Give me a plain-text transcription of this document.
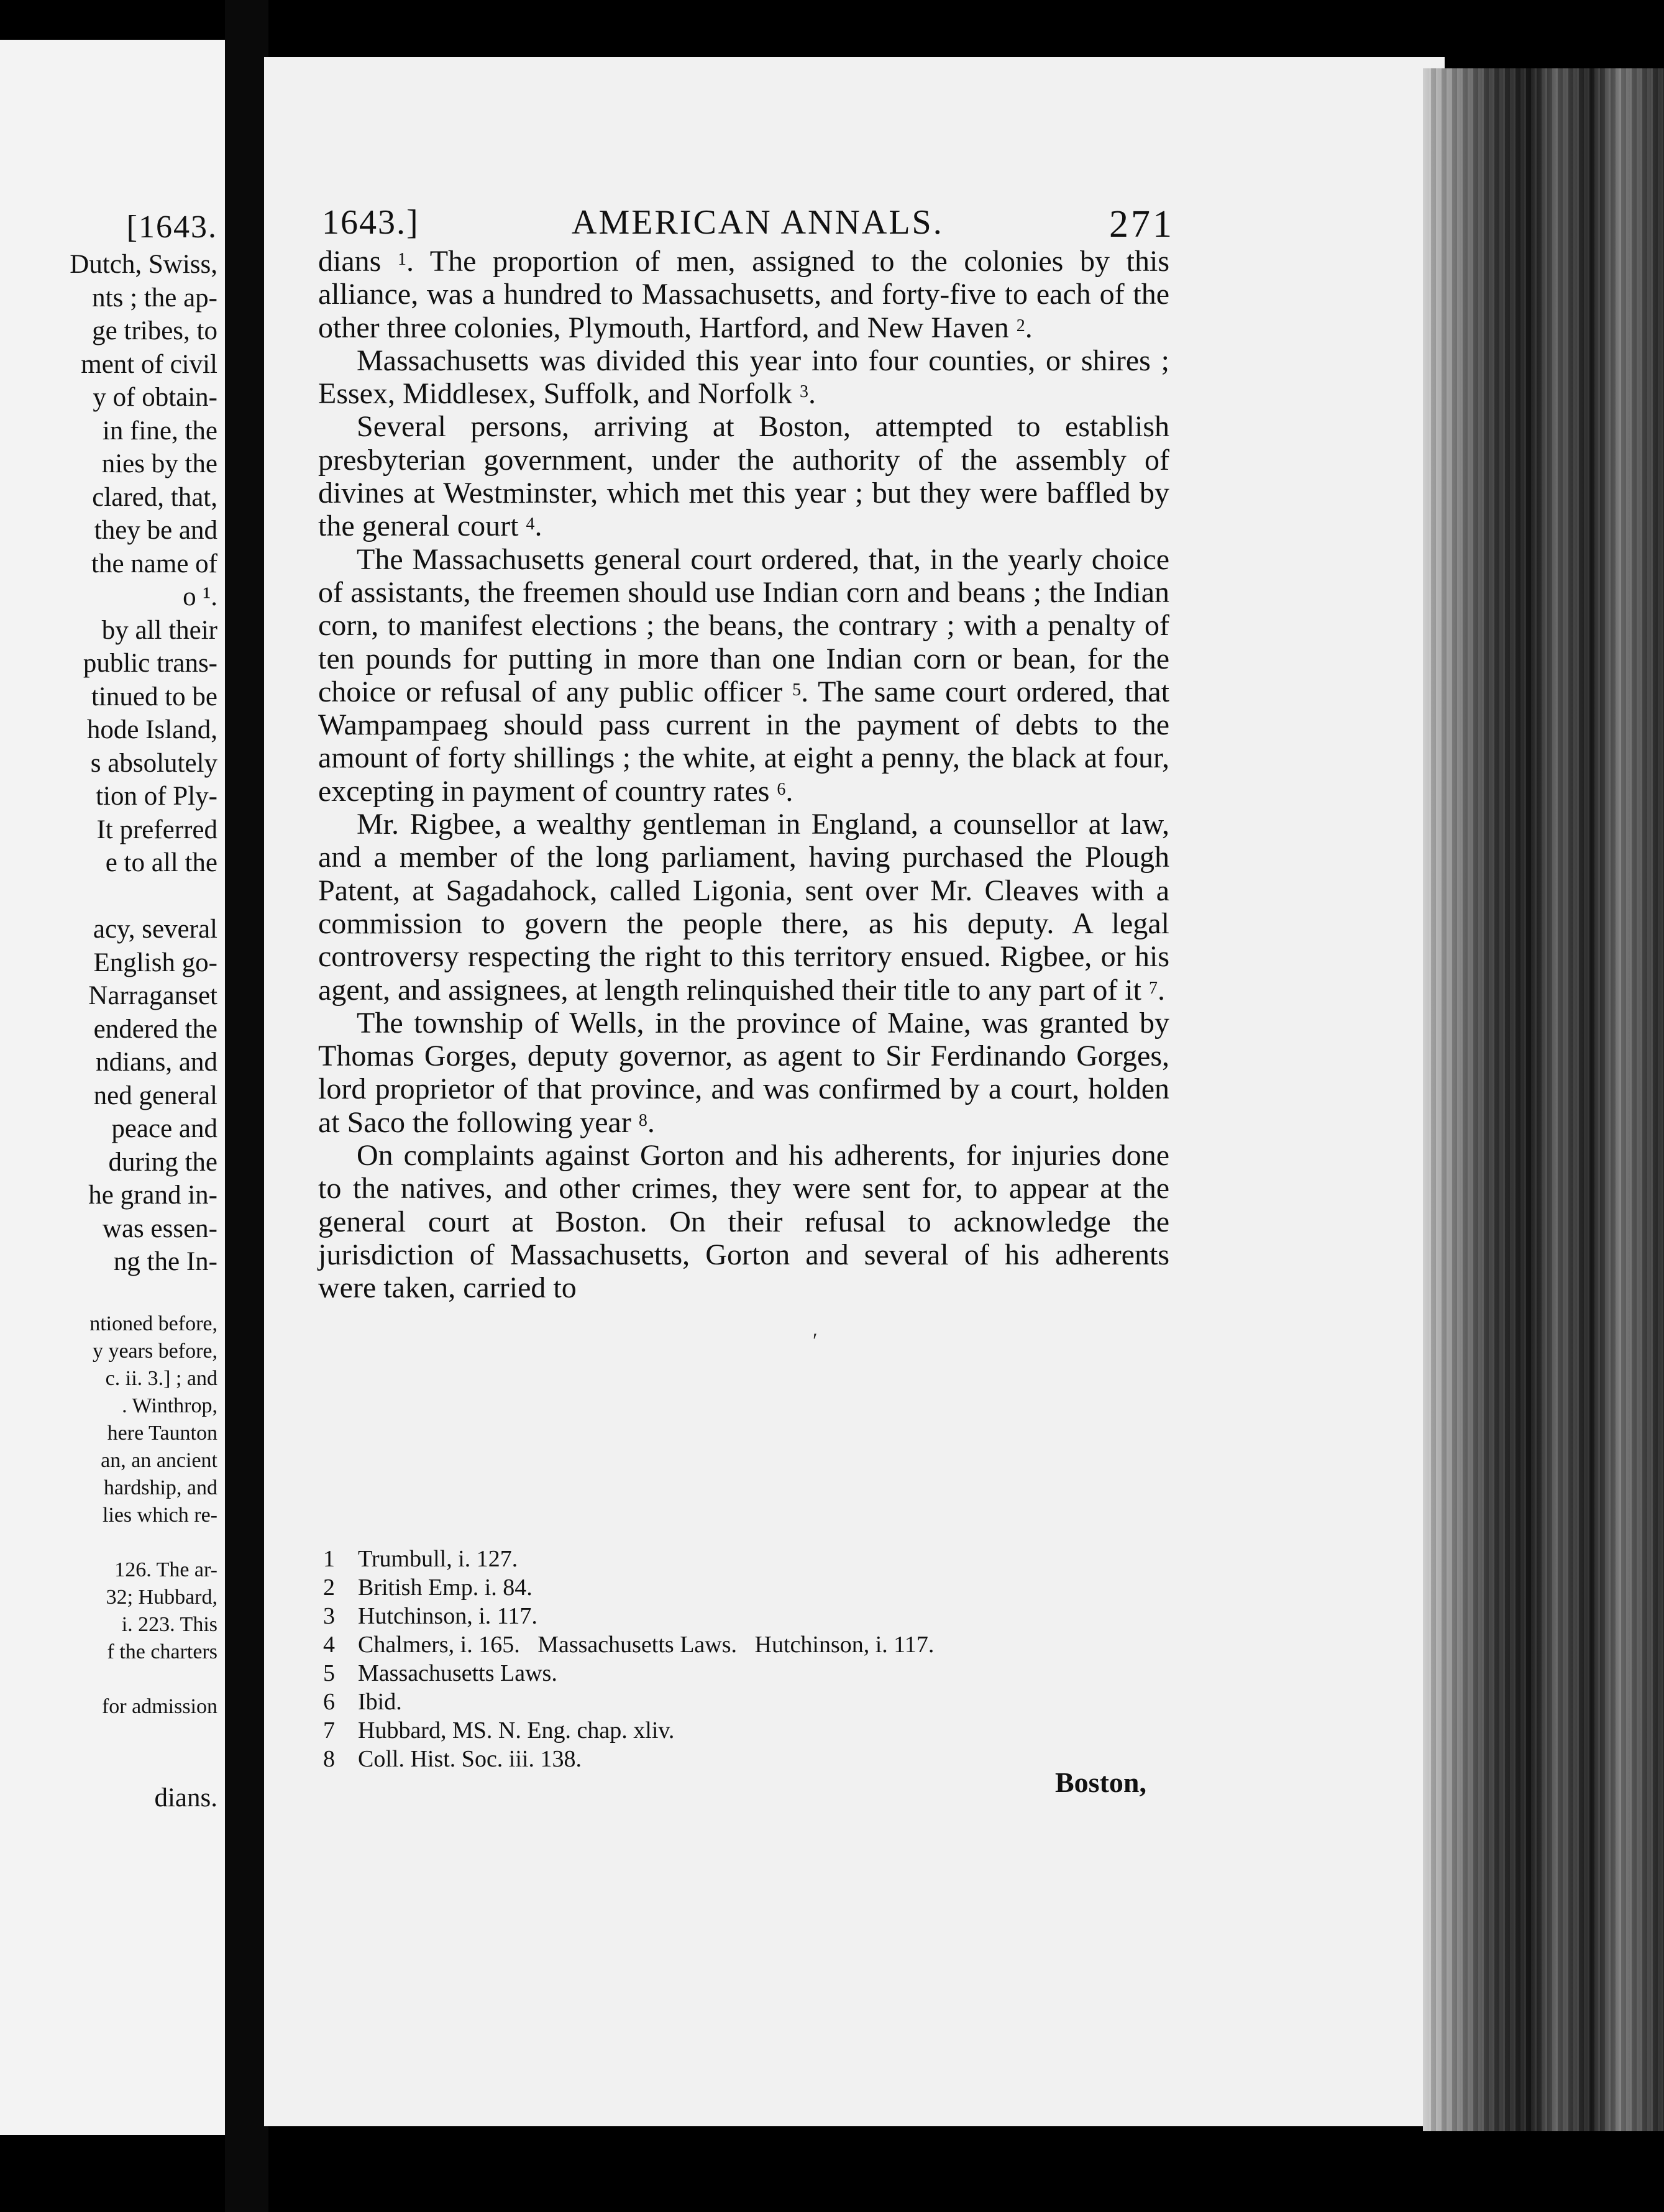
[1643.
Dutch, Swiss,
nts ; the ap-
ge tribes, to
ment of civil
y of obtain-
in fine, the
nies by the
clared, that,
they be and
the name of
o ¹.
by all their
public trans-
tinued to be
hode Island,
s absolutely
tion of Ply-
It preferred
e to all the
acy, several
English go-
Narraganset
endered the
ndians, and
ned general
peace and
during the
he grand in-
was essen-
ng the In-
ntioned before,
y years before,
c. ii. 3.] ; and
. Winthrop,
here Taunton
an, an ancient
hardship, and
lies which re-
126. The ar-
32; Hubbard,
i. 223. This
f the charters
for admission
dians.
1643.]	AMERICAN ANNALS.	271

dians $^1$. The proportion of men, assigned to the colonies by this alliance, was a hundred to Massachusetts, and forty-five to each of the other three colonies, Plymouth, Hartford, and New Haven $^2$.

Massachusetts was divided this year into four counties, or shires ; Essex, Middlesex, Suffolk, and Norfolk $^3$.

Several persons, arriving at Boston, attempted to establish presbyterian government, under the authority of the assembly of divines at Westminster, which met this year ; but they were baffled by the general court $^4$.

The Massachusetts general court ordered, that, in the yearly choice of assistants, the freemen should use Indian corn and beans ; the Indian corn, to manifest elections ; the beans, the contrary ; with a penalty of ten pounds for putting in more than one Indian corn or bean, for the choice or refusal of any public officer $^5$. The same court ordered, that Wampampaeg should pass current in the payment of debts to the amount of forty shillings ; the white, at eight a penny, the black at four, excepting in payment of country rates $^6$.

Mr. Rigbee, a wealthy gentleman in England, a counsellor at law, and a member of the long parliament, having purchased the Plough Patent, at Sagadahock, called Ligonia, sent over Mr. Cleaves with a commission to govern the people there, as his deputy. A legal controversy respecting the right to this territory ensued. Rigbee, or his agent, and assignees, at length relinquished their title to any part of it $^7$.

The township of Wells, in the province of Maine, was granted by Thomas Gorges, deputy governor, as agent to Sir Ferdinando Gorges, lord proprietor of that province, and was confirmed by a court, holden at Saco the following year $^8$.

On complaints against Gorton and his adherents, for injuries done to the natives, and other crimes, they were sent for, to appear at the general court at Boston. On their refusal to acknowledge the jurisdiction of Massachusetts, Gorton and several of his adherents were taken, carried to

ʹ
1 Trumbull, i. 127.
2 British Emp. i. 84.
3 Hutchinson, i. 117.
4 Chalmers, i. 165.   Massachusetts Laws.   Hutchinson, i. 117.
5 Massachusetts Laws.
6 Ibid.
7 Hubbard, MS. N. Eng. chap. xliv.
8 Coll. Hist. Soc. iii. 138.
Boston,
